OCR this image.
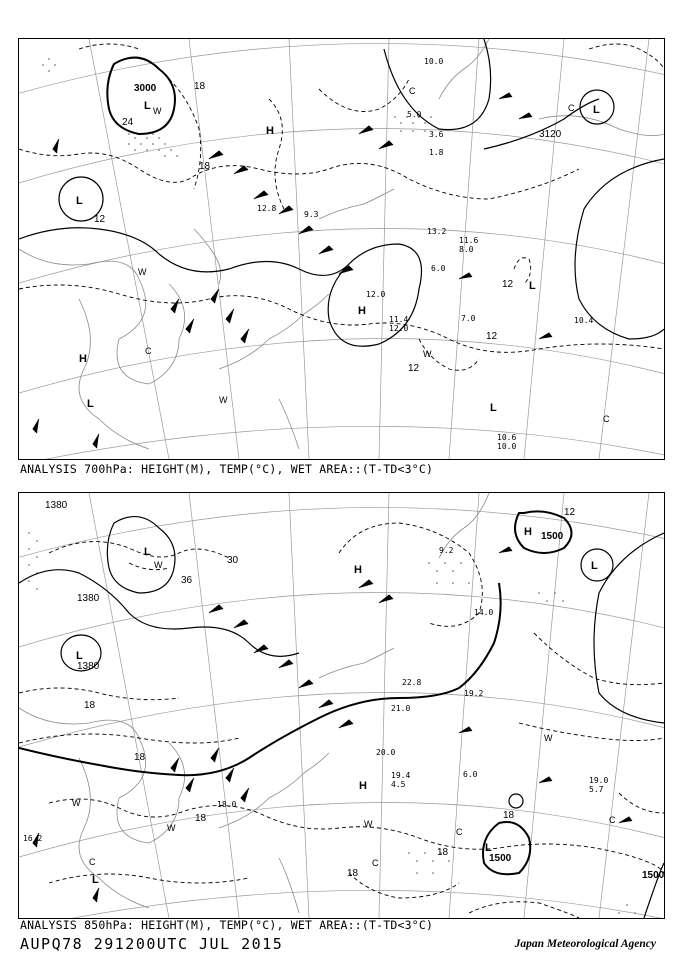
3000
3120
12
12
12
12
18
18
24
L
L
L
L
L	L
H
H
H
W
W
W
W
C
C
C
C
10.0
5.0
3.6
1.8
13.2
6.0
11.6
8.0
12.0
7.0
11.4
12.0
10.4
10.0
10.6
9.3
12.8
ANALYSIS 700hPa: HEIGHT(M), TEMP(°C), WET AREA::(T-TD<3°C)
1380
1380
1380
1500
1500
1500
18
18
18
18
18
18
30
36
12
L
L
L
L
L
H
H
H
W
W
W
W
W
C	C
C
C
20.0
9.2
14.0
22.8
21.0
19.4
4.5	19.0
5.7
16.2
19.2
18.0
6.0
ANALYSIS 850hPa: HEIGHT(M), TEMP(°C), WET AREA::(T-TD<3°C)
AUPQ78 291200UTC JUL 2015	Japan Meteorological Agency
